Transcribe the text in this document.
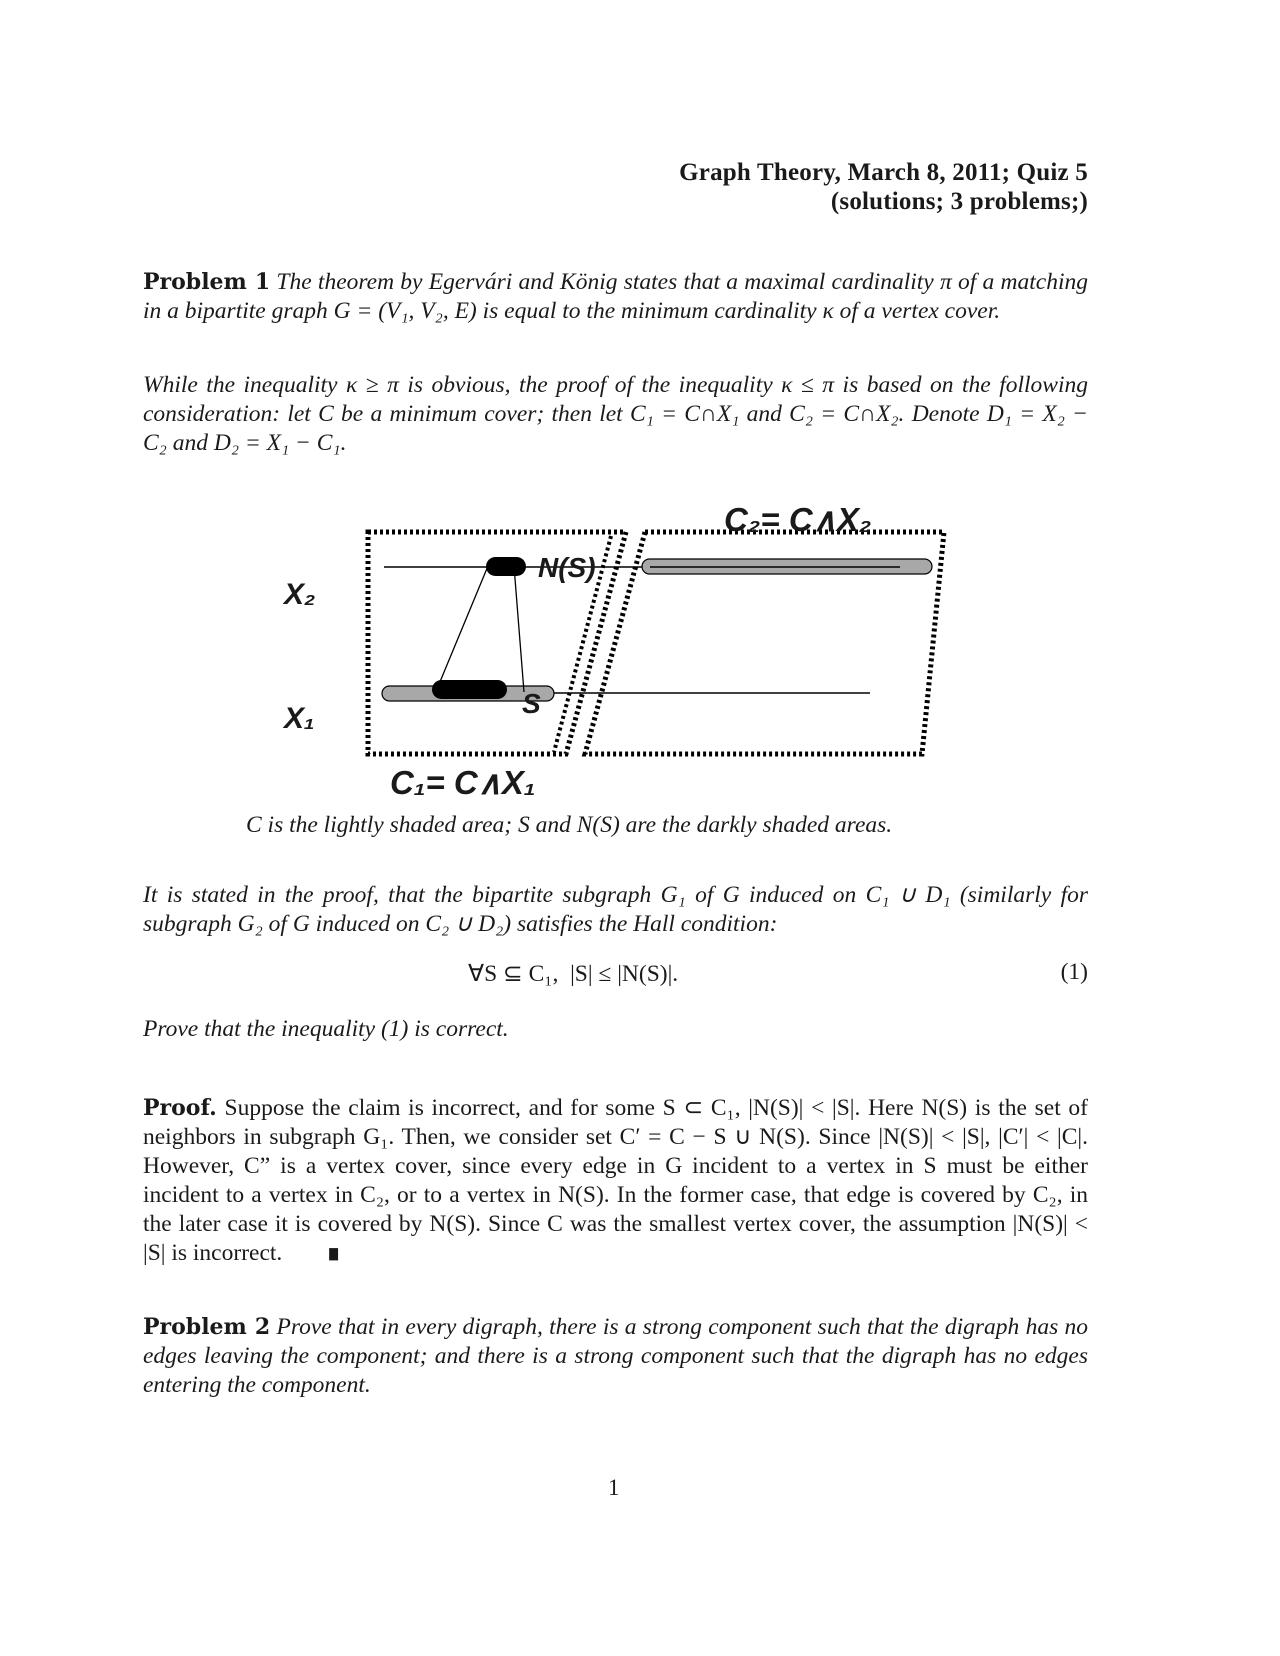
Graph Theory, March 8, 2011; Quiz 5
(solutions; 3 problems;)
Problem 1 The theorem by Egervári and König states that a maximal cardinality π of a matching in a bipartite graph G = (V₁, V₂, E) is equal to the minimum cardinality κ of a vertex cover.
While the inequality κ ≥ π is obvious, the proof of the inequality κ ≤ π is based on the following consideration: let C be a minimum cover; then let C₁ = C∩X₁ and C₂ = C∩X₂. Denote D₁ = X₂ − C₂ and D₂ = X₁ − C₁.
C₂= C∧X₂
N(S)
X₂
X₁	S
C₁= C∧X₁
C is the lightly shaded area; S and N(S) are the darkly shaded areas.
It is stated in the proof, that the bipartite subgraph G₁ of G induced on C₁ ∪ D₁ (similarly for subgraph G₂ of G induced on C₂ ∪ D₂) satisfies the Hall condition:
∀S ⊆ C₁,  |S| ≤ |N(S)|.	(1)
Prove that the inequality (1) is correct.
Proof. Suppose the claim is incorrect, and for some S ⊂ C₁, |N(S)| < |S|. Here N(S) is the set of neighbors in subgraph G₁. Then, we consider set C′ = C − S ∪ N(S). Since |N(S)| < |S|, |C′| < |C|. However, C” is a vertex cover, since every edge in G incident to a vertex in S must be either incident to a vertex in C₂, or to a vertex in N(S). In the former case, that edge is covered by C₂, in the later case it is covered by N(S). Since C was the smallest vertex cover, the assumption |N(S)| < |S| is incorrect. ∎
Problem 2 Prove that in every digraph, there is a strong component such that the digraph has no edges leaving the component; and there is a strong component such that the digraph has no edges entering the component.
1
